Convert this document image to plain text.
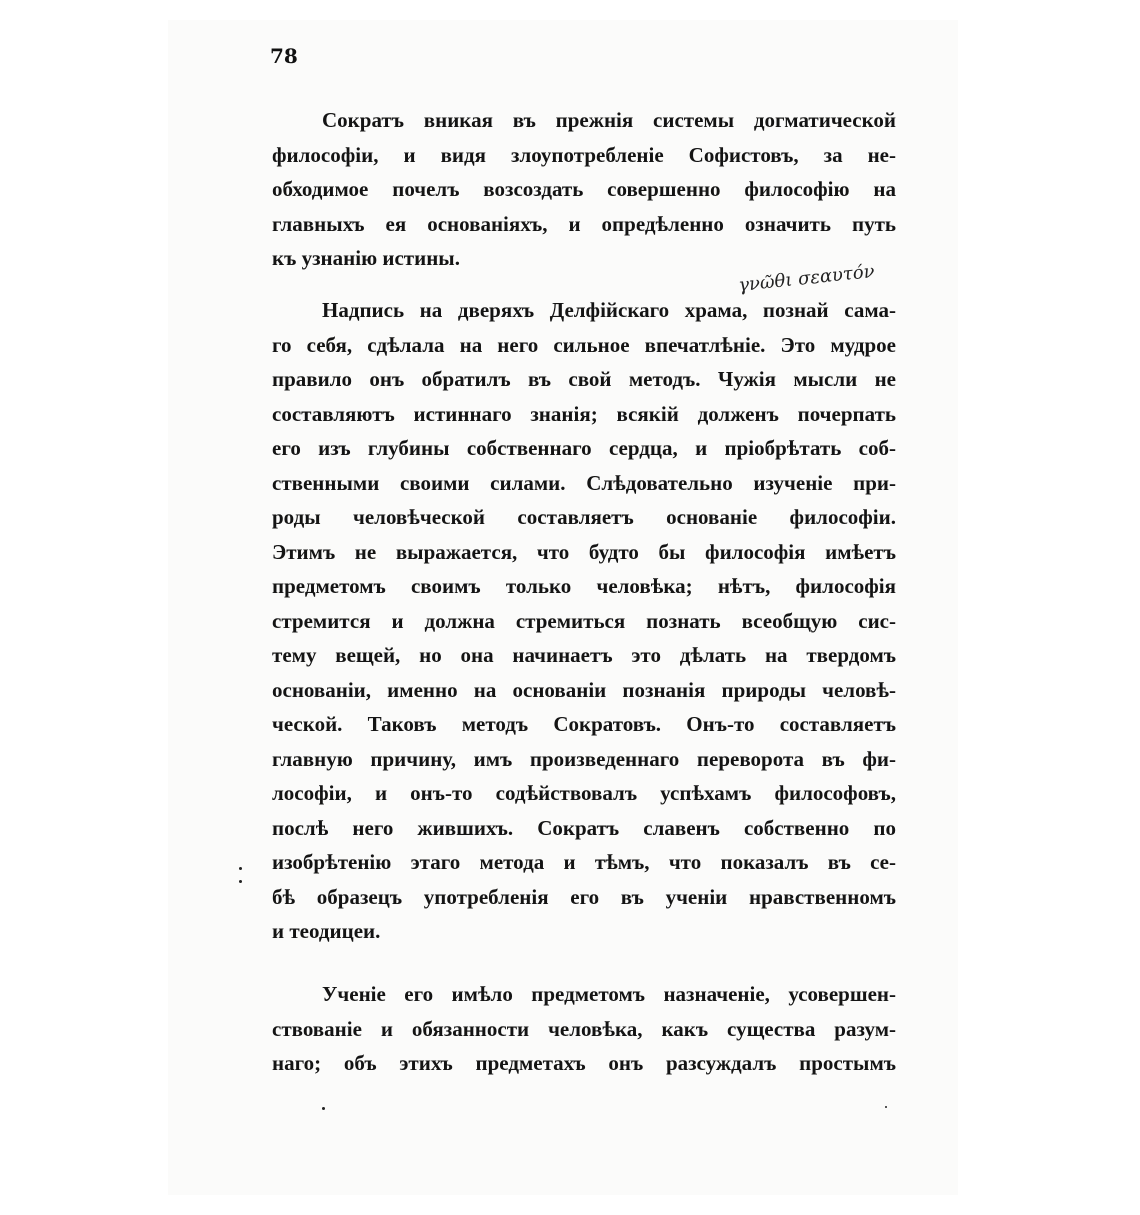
78
γνῶθι σεαυτόν
Сократъ вникая въ прежнія системы догматической
философіи, и видя злоупотребленіе Софистовъ, за не-
обходимое почелъ возсоздать совершенно философію на
главныхъ ея основаніяхъ, и опредѣленно означить путь
къ узнанію истины.
Надпись на дверяхъ Делфійскаго храма, познай сама-
го себя, сдѣлала на него сильное впечатлѣніе. Это мудрое
правило онъ обратилъ въ свой методъ. Чужія мысли не
составляютъ истиннаго знанія; всякій долженъ почерпать
его изъ глубины собственнаго сердца, и пріобрѣтать соб-
ственными своими силами. Слѣдовательно изученіе при-
роды человѣческой составляетъ основаніе философіи.
Этимъ не выражается, что будто бы философія имѣетъ
предметомъ своимъ только человѣка; нѣтъ, философія
стремится и должна стремиться познать всеобщую сис-
тему вещей, но она начинаетъ это дѣлать на твердомъ
основаніи, именно на основаніи познанія природы человѣ-
ческой. Таковъ методъ Сократовъ. Онъ-то составляетъ
главную причину, имъ произведеннаго переворота въ фи-
лософіи, и онъ-то содѣйствовалъ успѣхамъ философовъ,
послѣ него жившихъ. Сократъ славенъ собственно по
изобрѣтенію этаго метода и тѣмъ, что показалъ въ се-
бѣ образецъ употребленія его въ ученіи нравственномъ
и теодицеи.
Ученіе его имѣло предметомъ назначеніе, усовершен-
ствованіе и обязанности человѣка, какъ существа разум-
наго; объ этихъ предметахъ онъ разсуждалъ простымъ
